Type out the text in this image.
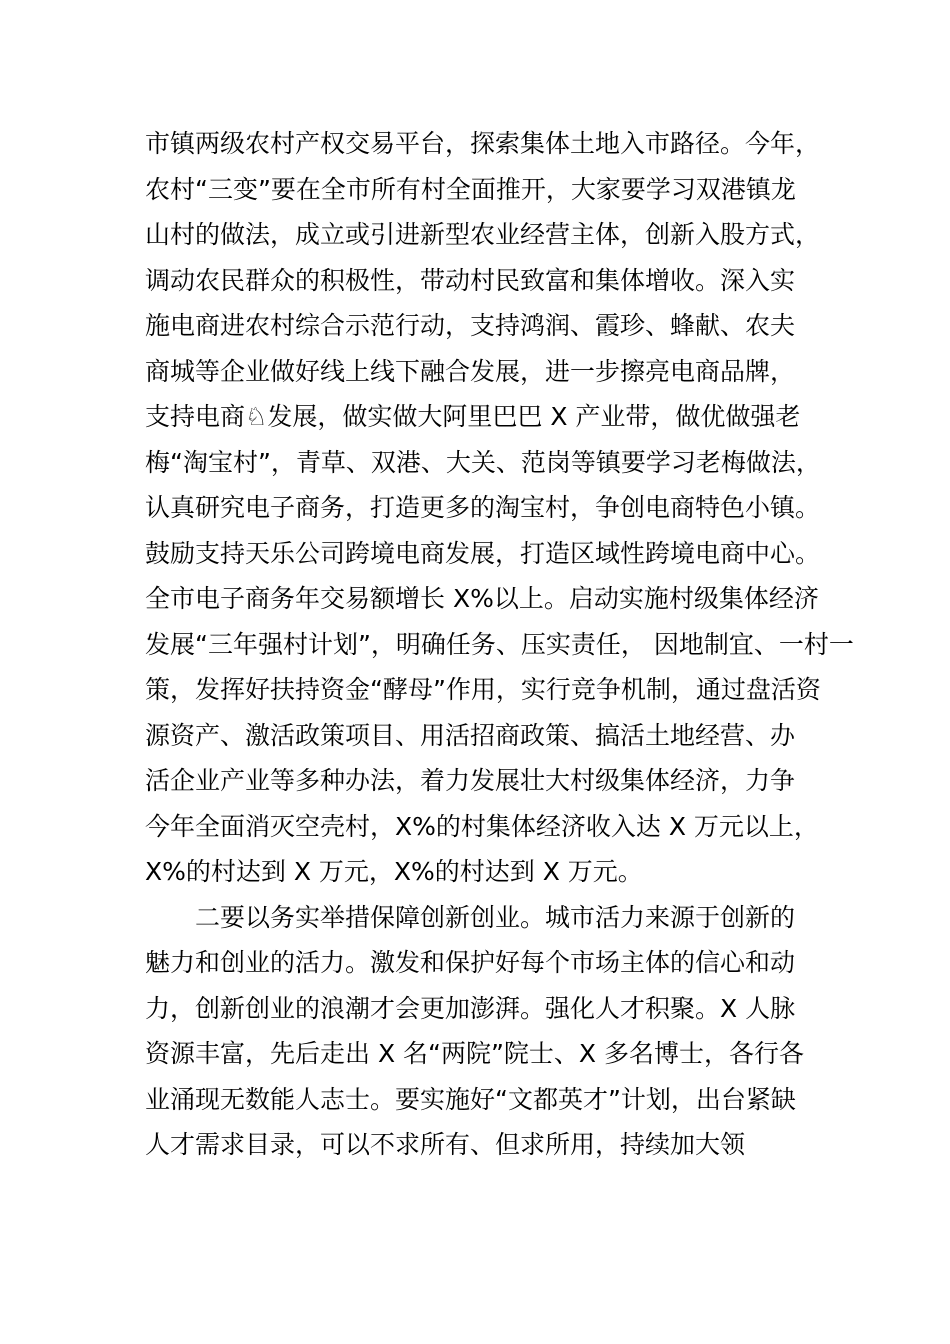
市镇两级农村产权交易平台，探索集体土地入市路径。今年，
农村“三变”要在全市所有村全面推开，大家要学习双港镇龙
山村的做法，成立或引进新型农业经营主体，创新入股方式，
调动农民群众的积极性，带动村民致富和集体增收。深入实
施电商进农村综合示范行动，支持鸿润、霞珍、蜂献、农夫
商城等企业做好线上线下融合发展，进一步擦亮电商品牌，
支持电商♘发展，做实做大阿里巴巴 X 产业带，做优做强老
梅“淘宝村”，青草、双港、大关、范岗等镇要学习老梅做法，
认真研究电子商务，打造更多的淘宝村，争创电商特色小镇。
鼓励支持天乐公司跨境电商发展，打造区域性跨境电商中心。
全市电子商务年交易额增长 X%以上。启动实施村级集体经济
发展“三年强村计划”，明确任务、压实责任， 因地制宜、一村一
策，发挥好扶持资金“酵母”作用，实行竞争机制，通过盘活资
源资产、激活政策项目、用活招商政策、搞活土地经营、办
活企业产业等多种办法，着力发展壮大村级集体经济，力争
今年全面消灭空壳村，X%的村集体经济收入达 X 万元以上，
X%的村达到 X 万元，X%的村达到 X 万元。
　　二要以务实举措保障创新创业。城市活力来源于创新的
魅力和创业的活力。激发和保护好每个市场主体的信心和动
力，创新创业的浪潮才会更加澎湃。强化人才积聚。X 人脉
资源丰富，先后走出 X 名“两院”院士、X 多名博士，各行各
业涌现无数能人志士。要实施好“文都英才”计划，出台紧缺
人才需求目录，可以不求所有、但求所用，持续加大领
